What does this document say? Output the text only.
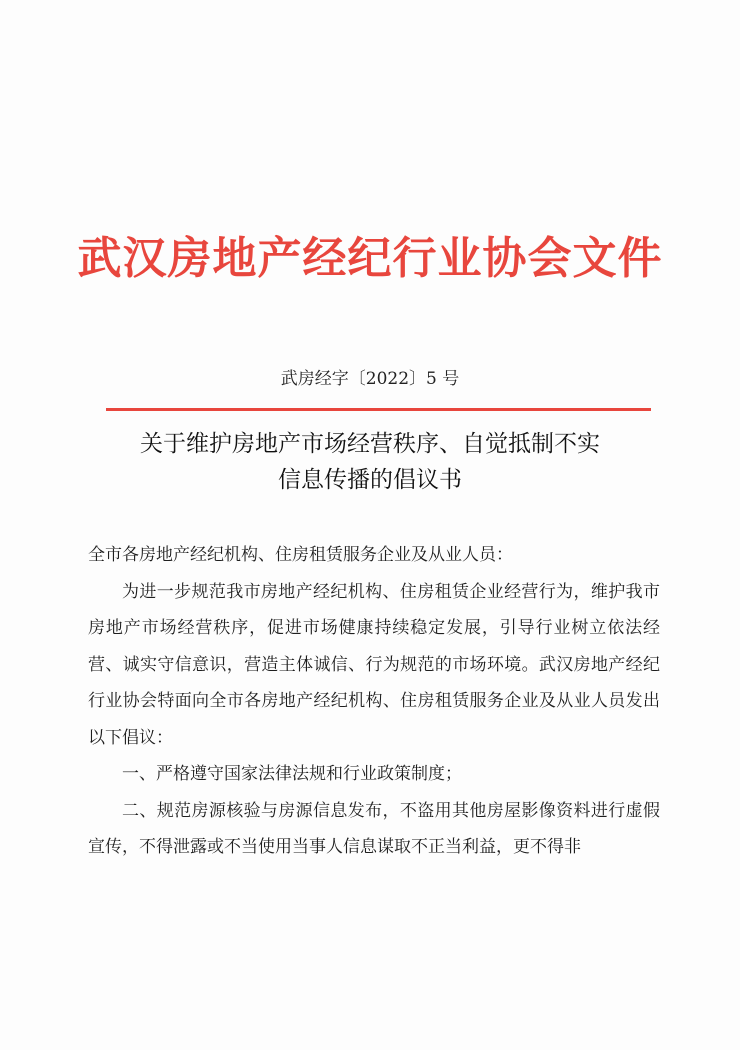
武汉房地产经纪行业协会文件
武房经字〔2022〕5 号
关于维护房地产市场经营秩序、自觉抵制不实
信息传播的倡议书

全市各房地产经纪机构、住房租赁服务企业及从业人员：

为进一步规范我市房地产经纪机构、住房租赁企业经营行为，维护我市房地产市场经营秩序，促进市场健康持续稳定发展，引导行业树立依法经营、诚实守信意识，营造主体诚信、行为规范的市场环境。武汉房地产经纪行业协会特面向全市各房地产经纪机构、住房租赁服务企业及从业人员发出以下倡议：

一、严格遵守国家法律法规和行业政策制度；

二、规范房源核验与房源信息发布，不盗用其他房屋影像资料进行虚假宣传，不得泄露或不当使用当事人信息谋取不正当利益，更不得非
